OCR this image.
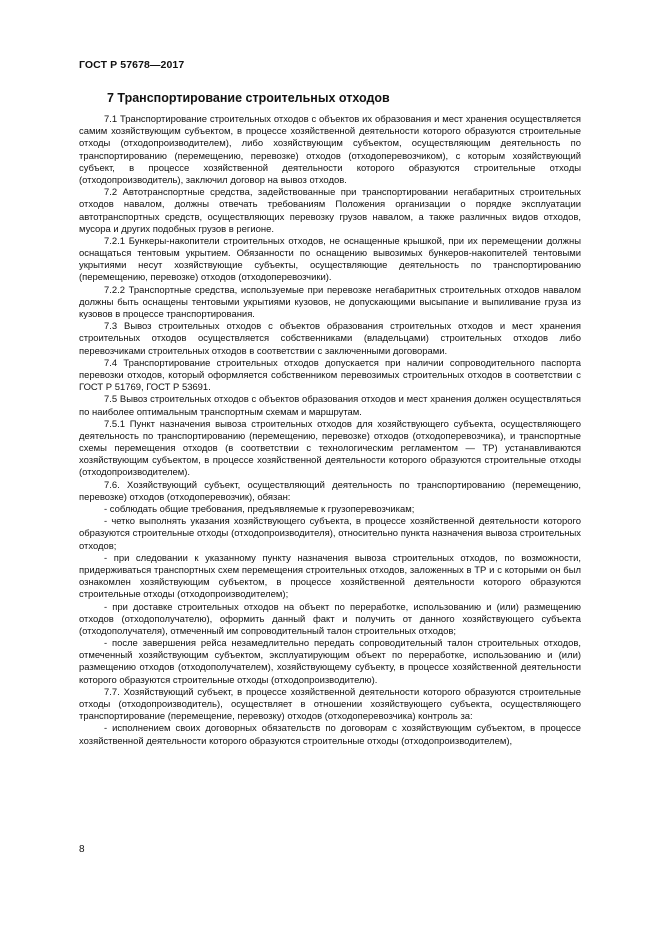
ГОСТ Р 57678—2017
7 Транспортирование строительных отходов

7.1 Транспортирование строительных отходов с объектов их образования и мест хранения осуществляется самим хозяйствующим субъектом, в процессе хозяйственной деятельности которого образуются строительные отходы (отходопроизводителем), либо хозяйствующим субъектом, осуществляющим деятельность по транспортированию (перемещению, перевозке) отходов (отходоперевозчиком), с которым хозяйствующий субъект, в процессе хозяйственной деятельности которого образуются строительные отходы (отходопроизводитель), заключил договор на вывоз отходов.

7.2 Автотранспортные средства, задействованные при транспортировании негабаритных строительных отходов навалом, должны отвечать требованиям Положения организации о порядке эксплуатации автотранспортных средств, осуществляющих перевозку грузов навалом, а также различных видов отходов, мусора и других подобных грузов в регионе.

7.2.1 Бункеры-накопители строительных отходов, не оснащенные крышкой, при их перемещении должны оснащаться тентовым укрытием. Обязанности по оснащению вывозимых бункеров-накопителей тентовыми укрытиями несут хозяйствующие субъекты, осуществляющие деятельность по транспортированию (перемещению, перевозке) отходов (отходоперевозчики).

7.2.2 Транспортные средства, используемые при перевозке негабаритных строительных отходов навалом должны быть оснащены тентовыми укрытиями кузовов, не допускающими высыпание и выпиливание груза из кузовов в процессе транспортирования.

7.3 Вывоз строительных отходов с объектов образования строительных отходов и мест хранения строительных отходов осуществляется собственниками (владельцами) строительных отходов либо перевозчиками строительных отходов в соответствии с заключенными договорами.

7.4 Транспортирование строительных отходов допускается при наличии сопроводительного паспорта перевозки отходов, который оформляется собственником перевозимых строительных отходов в соответствии с ГОСТ Р 51769, ГОСТ Р 53691.

7.5 Вывоз строительных отходов с объектов образования отходов и мест хранения должен осуществляться по наиболее оптимальным транспортным схемам и маршрутам.

7.5.1 Пункт назначения вывоза строительных отходов для хозяйствующего субъекта, осуществляющего деятельность по транспортированию (перемещению, перевозке) отходов (отходоперевозчика), и транспортные схемы перемещения отходов (в соответствии с технологическим регламентом — ТР) устанавливаются хозяйствующим субъектом, в процессе хозяйственной деятельности которого образуются строительные отходы (отходопроизводителем).

7.6. Хозяйствующий субъект, осуществляющий деятельность по транспортированию (перемещению, перевозке) отходов (отходоперевозчик), обязан:

- соблюдать общие требования, предъявляемые к грузоперевозчикам;

- четко выполнять указания хозяйствующего субъекта, в процессе хозяйственной деятельности которого образуются строительные отходы (отходопроизводителя), относительно пункта назначения вывоза строительных отходов;

- при следовании к указанному пункту назначения вывоза строительных отходов, по возможности, придерживаться транспортных схем перемещения строительных отходов, заложенных в ТР и с которыми он был ознакомлен хозяйствующим субъектом, в процессе хозяйственной деятельности которого образуются строительные отходы (отходопроизводителем);

- при доставке строительных отходов на объект по переработке, использованию и (или) размещению отходов (отходополучателю), оформить данный факт и получить от данного хозяйствующего субъекта (отходополучателя), отмеченный им сопроводительный талон строительных отходов;

- после завершения рейса незамедлительно передать сопроводительный талон строительных отходов, отмеченный хозяйствующим субъектом, эксплуатирующим объект по переработке, использованию и (или) размещению отходов (отходополучателем), хозяйствующему субъекту, в процессе хозяйственной деятельности которого образуются строительные отходы (отходопроизводителю).

7.7. Хозяйствующий субъект, в процессе хозяйственной деятельности которого образуются строительные отходы (отходопроизводитель), осуществляет в отношении хозяйствующего субъекта, осуществляющего транспортирование (перемещение, перевозку) отходов (отходоперевозчика) контроль за:

- исполнением своих договорных обязательств по договорам с хозяйствующим субъектом, в процессе хозяйственной деятельности которого образуются строительные отходы (отходопроизводителем),

8
